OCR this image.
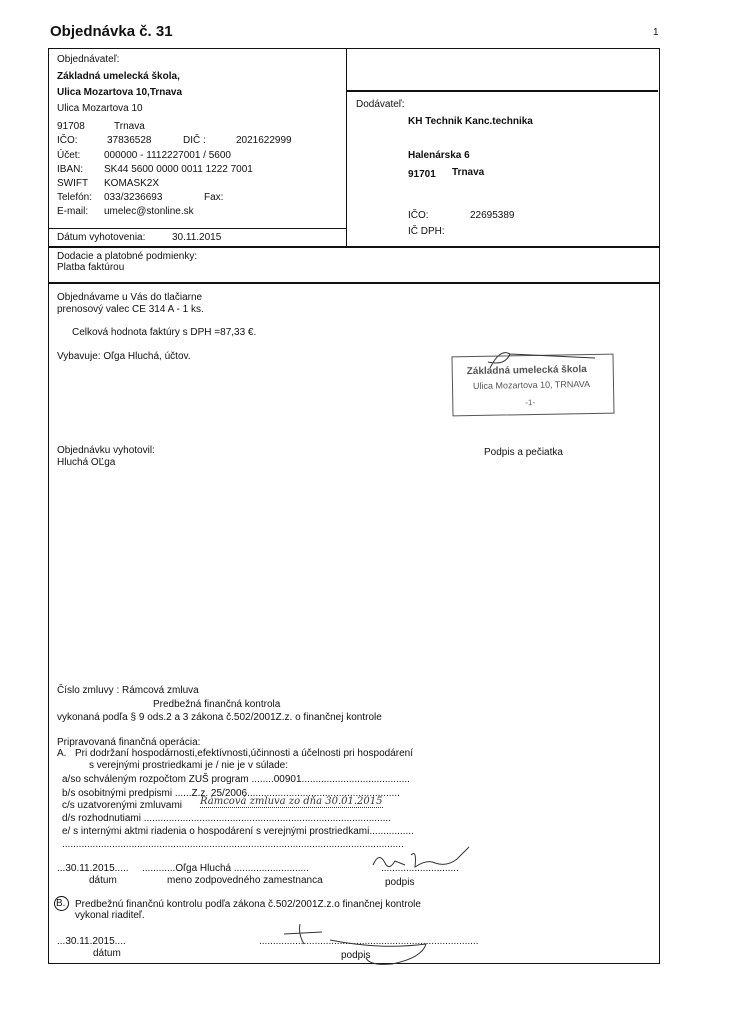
Objednávka č. 31	1
Objednávateľ:
Základná umelecká škola,
Ulica Mozartova 10,Trnava
Ulica Mozartova 10
91708	Trnava
IČO:	37836528	DIČ :	2021622999
Účet: 000000 - 1112227001 / 5600
IBAN: SK44 5600 0000 0011 1222 7001
SWIFT KOMASK2X
Telefón: 033/3236693	Fax:
E-mail: umelec@stonline.sk
Dátum vyhotovenia:	30.11.2015
Dodávateľ:
KH Technik Kanc.technika
Halenárska 6
91701 Trnava
IČO:	22695389
IČ DPH:
Dodacie a platobné podmienky:
Platba faktúrou
Objednávame u Vás do tlačiarne
prenosový valec CE 314 A - 1 ks.
Celková hodnota faktúry s DPH =87,33 €.
Vybavuje: Oľga Hluchá, účtov.
Objednávku vyhotovil:
Hluchá OĽga
Podpis a pečiatka
Základná umelecká škola
Ulica Mozartova 10, TRNAVA
-1-
Číslo zmluvy : Rámcová zmluva
Predbežná finančná kontrola
vykonaná podľa § 9 ods.2 a 3 zákona č.502/2001Z.z. o finančnej kontrole
Pripravovaná finančná operácia:
A. Pri dodržaní hospodárnosti,efektívnosti,účinnosti a účelnosti pri hospodárení
s verejnými prostriedkami je / nie je v súlade:
a/so schváleným rozpočtom ZUŠ program ........00901.......................................
b/s osobitnými predpismi ......Z.z. 25/2006.......................................................
c/s uzatvorenými zmluvami Rámcová zmluva zo dňa 30.01.2015
d/s rozhodnutiami .........................................................................................
e/ s internými aktmi riadenia o hospodárení s verejnými prostriedkami................
...........................................................................................................................
...30.11.2015..... ............Oľga Hluchá ...........................	............................
dátum	meno zodpovedného zamestnanca	podpis
B. Predbežnú finančnú kontrolu podľa zákona č.502/2001Z.z.o finančnej kontrole
vykonal riaditeľ.
...30.11.2015....	...............................................................................
dátum	podpis
